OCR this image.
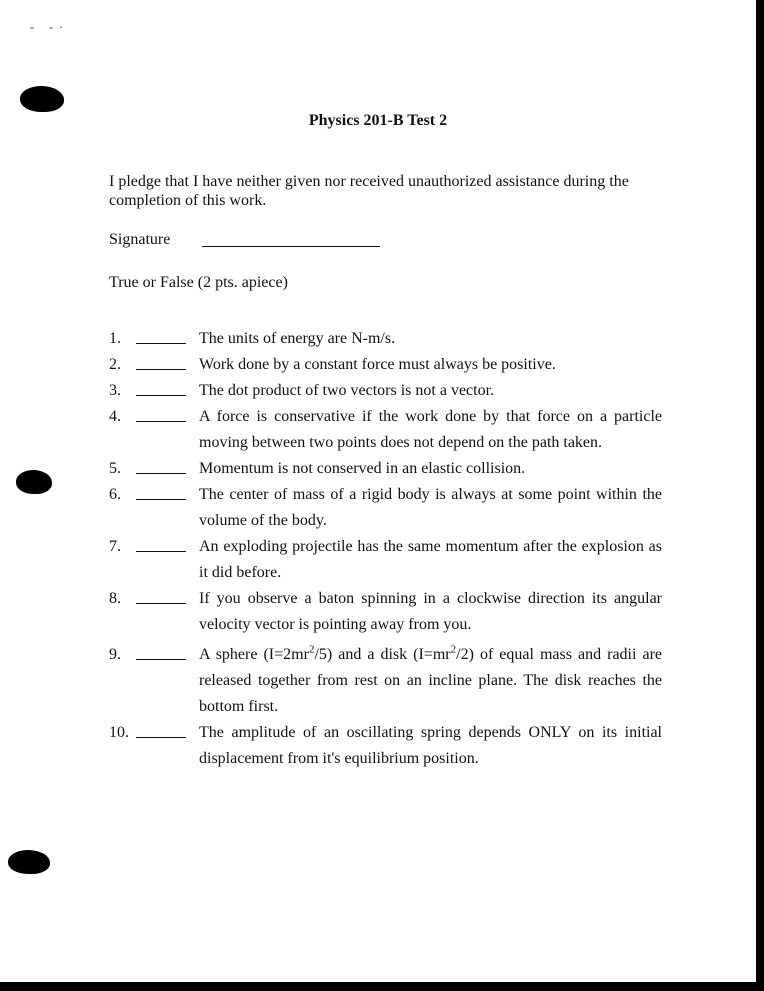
- -·
Physics 201-B Test 2
I pledge that I have neither given nor received unauthorized assistance during the completion of this work.
Signature
True or False (2 pts. apiece)
1.	The units of energy are N-m/s.
2.	Work done by a constant force must always be positive.
3.	The dot product of two vectors is not a vector.
4.	A force is conservative if the work done by that force on a particle moving between two points does not depend on the path taken.
5.	Momentum is not conserved in an elastic collision.
6.	The center of mass of a rigid body is always at some point within the volume of the body.
7.	An exploding projectile has the same momentum after the explosion as it did before.
8.	If you observe a baton spinning in a clockwise direction its angular velocity vector is pointing away from you.
9.	A sphere $(I=2mr^2/5)$ and a disk $(I=mr^2/2)$ of equal mass and radii are released together from rest on an incline plane. The disk reaches the bottom first.
10.	The amplitude of an oscillating spring depends ONLY on its initial displacement from it's equilibrium position.
